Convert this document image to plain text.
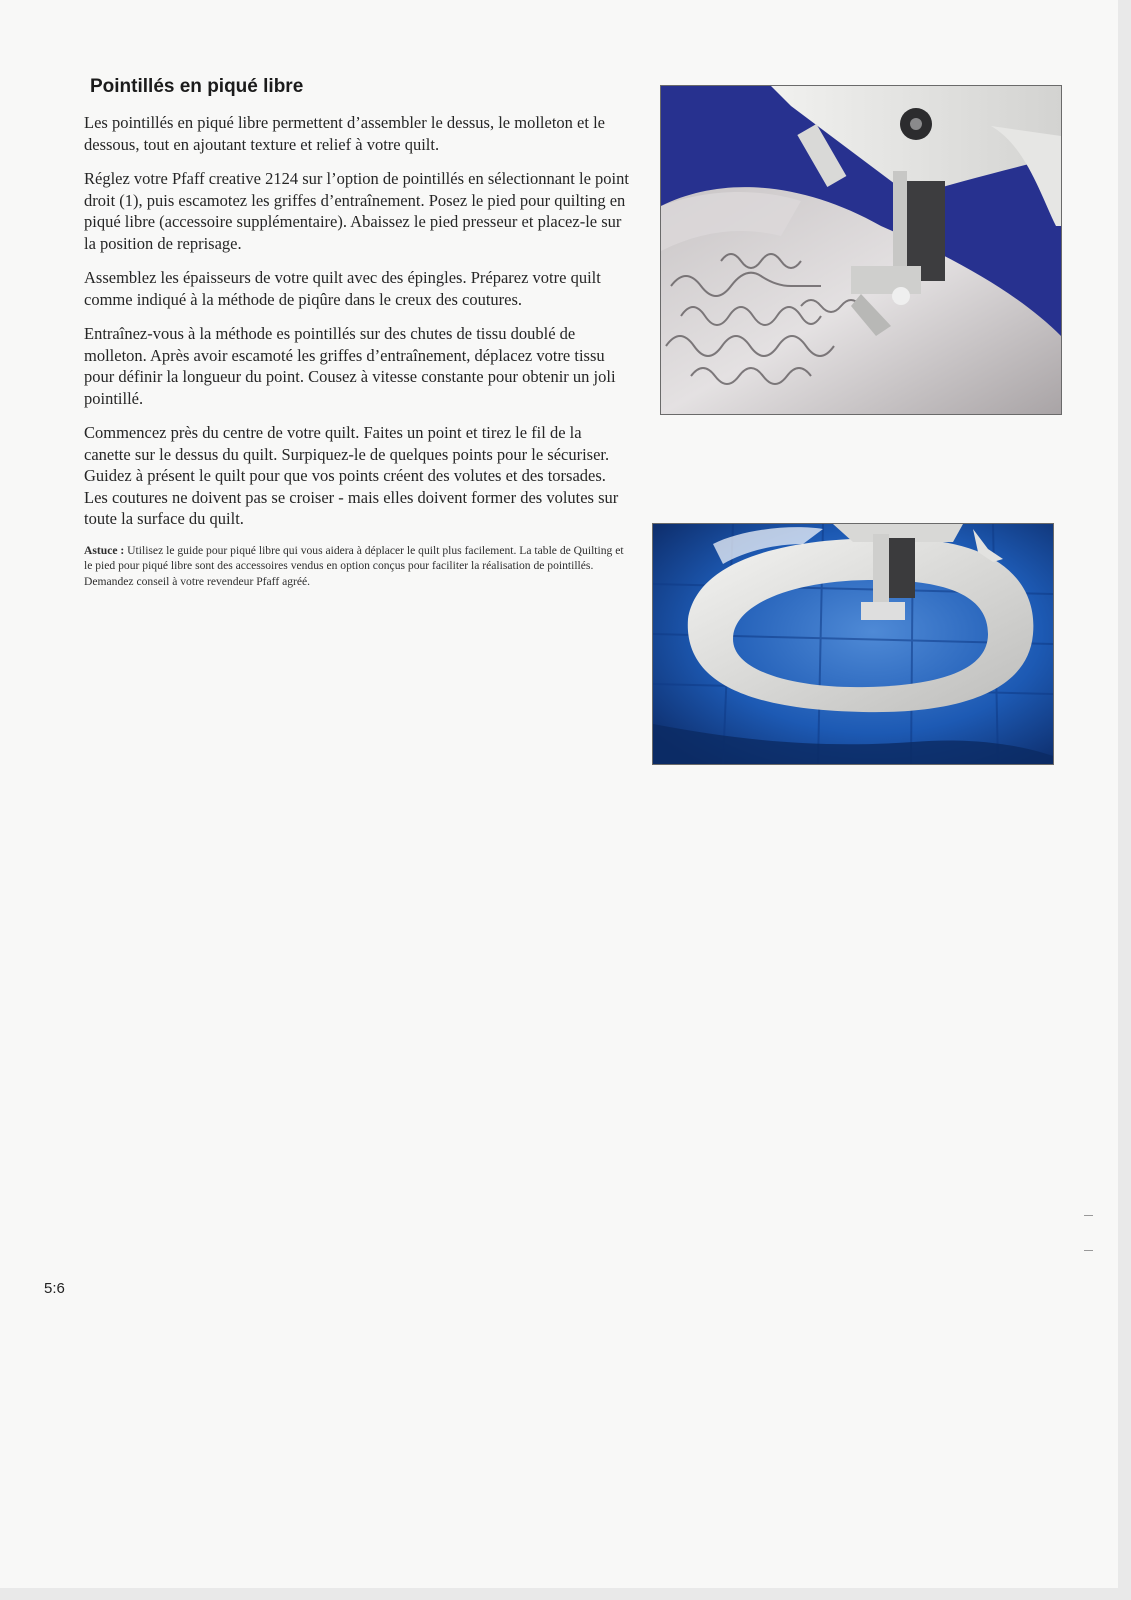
Pointillés en piqué libre

Les pointillés en piqué libre permettent d’assembler le dessus, le molleton et le dessous, tout en ajoutant texture et relief à votre quilt.

Réglez votre Pfaff creative 2124 sur l’option de pointillés en sélectionnant le point droit (1), puis escamotez les griffes d’entraînement. Posez le pied pour quilting en piqué libre (accessoire supplémentaire). Abaissez le pied presseur et placez-le sur la position de reprisage.

Assemblez les épaisseurs de votre quilt avec des épingles. Préparez votre quilt comme indiqué à la méthode de piqûre dans le creux des coutures.

Entraînez-vous à la méthode es pointillés sur des chutes de tissu doublé de molleton. Après avoir escamoté les griffes d’entraînement, déplacez votre tissu pour définir la longueur du point. Cousez à vitesse constante pour obtenir un joli pointillé.

Commencez près du centre de votre quilt. Faites un point et tirez le fil de la canette sur le dessus du quilt. Surpiquez-le de quelques points pour le sécuriser. Guidez à présent le quilt pour que vos points créent des volutes et des torsades. Les coutures ne doivent pas se croiser - mais elles doivent former des volutes sur toute la surface du quilt.

Astuce : Utilisez le guide pour piqué libre qui vous aidera à déplacer le quilt plus facilement. La table de Quilting et le pied pour piqué libre sont des accessoires vendus en option conçus pour faciliter la réalisation de pointillés. Demandez conseil à votre revendeur Pfaff agréé.

5:6
